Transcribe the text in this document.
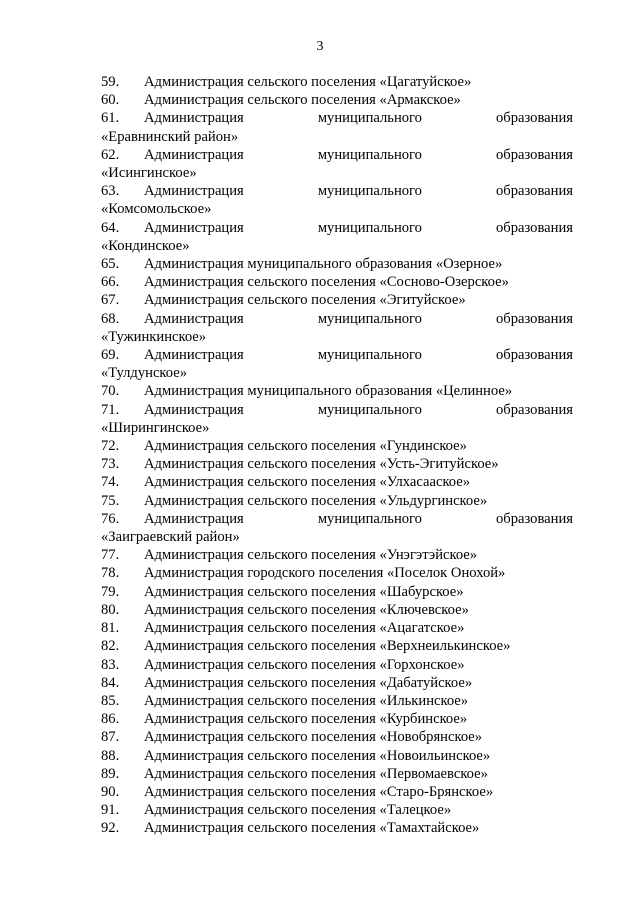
3
59.	Администрация сельского поселения «Цагатуйское»
60.	Администрация сельского поселения «Армакское»
61.	Администрация	муниципального	образования
«Еравнинский район»
62.	Администрация	муниципального	образования
«Исингинское»
63.	Администрация	муниципального	образования
«Комсомольское»
64.	Администрация	муниципального	образования
«Кондинское»
65.	Администрация муниципального образования «Озерное»
66.	Администрация сельского поселения «Сосново-Озерское»
67.	Администрация сельского поселения «Эгитуйское»
68.	Администрация	муниципального	образования
«Тужинкинское»
69.	Администрация	муниципального	образования
«Тулдунское»
70.	Администрация муниципального образования «Целинное»
71.	Администрация	муниципального	образования
«Ширингинское»
72.	Администрация сельского поселения «Гундинское»
73.	Администрация сельского поселения «Усть-Эгитуйское»
74.	Администрация сельского поселения «Улхасаaское»
75.	Администрация сельского поселения «Ульдургинское»
76.	Администрация	муниципального	образования
«Заиграевский район»
77.	Администрация сельского поселения «Унэгэтэйское»
78.	Администрация городского поселения «Поселок Онохой»
79.	Администрация сельского поселения «Шабурское»
80.	Администрация сельского поселения «Ключевское»
81.	Администрация сельского поселения «Ацагатское»
82.	Администрация сельского поселения «Верхнеилькинское»
83.	Администрация сельского поселения «Горхонское»
84.	Администрация сельского поселения «Дабатуйское»
85.	Администрация сельского поселения «Илькинское»
86.	Администрация сельского поселения «Курбинское»
87.	Администрация сельского поселения «Новобрянское»
88.	Администрация сельского поселения «Новоильинское»
89.	Администрация сельского поселения «Первомаевское»
90.	Администрация сельского поселения «Старо-Брянское»
91.	Администрация сельского поселения «Талецкое»
92.	Администрация сельского поселения «Тамахтайское»
